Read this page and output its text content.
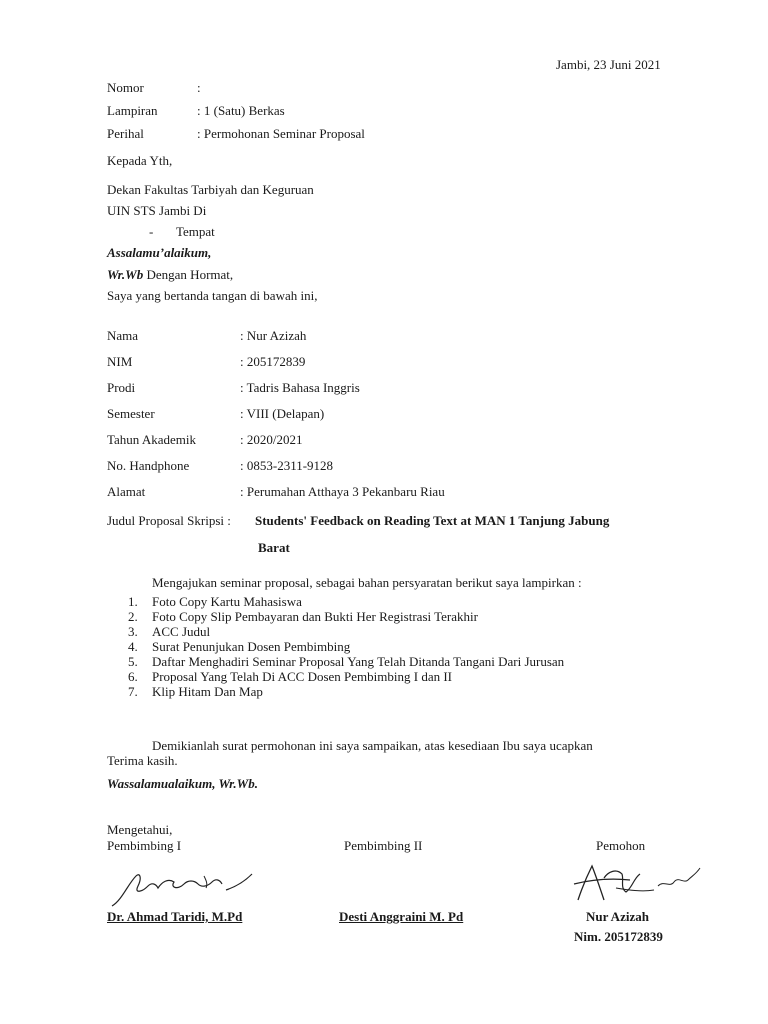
Jambi, 23 Juni 2021
Nomor	:
Lampiran	: 1 (Satu) Berkas
Perihal	: Permohonan Seminar Proposal
Kepada Yth,
Dekan Fakultas Tarbiyah dan Keguruan
UIN STS Jambi Di
- Tempat
Assalamu’alaikum,
Wr.Wb Dengan Hormat,
Saya yang bertanda tangan di bawah ini,
Nama	: Nur Azizah
NIM	: 205172839
Prodi	: Tadris Bahasa Inggris
Semester	: VIII (Delapan)
Tahun Akademik	: 2020/2021
No. Handphone	: 0853-2311-9128
Alamat	: Perumahan Atthaya 3 Pekanbaru Riau
Judul Proposal Skripsi : Students' Feedback on Reading Text at MAN 1 Tanjung Jabung
Barat
Mengajukan seminar proposal, sebagai bahan persyaratan berikut saya lampirkan :
1. Foto Copy Kartu Mahasiswa
2. Foto Copy Slip Pembayaran dan Bukti Her Registrasi Terakhir
3. ACC Judul
4. Surat Penunjukan Dosen Pembimbing
5. Daftar Menghadiri Seminar Proposal Yang Telah Ditanda Tangani Dari Jurusan
6. Proposal Yang Telah Di ACC Dosen Pembimbing I dan II
7. Klip Hitam Dan Map
Demikianlah surat permohonan ini saya sampaikan, atas kesediaan Ibu saya ucapkan
Terima kasih.
Wassalamualaikum, Wr.Wb.
Mengetahui,
Pembimbing I	Pembimbing II	Pemohon
Dr. Ahmad Taridi, M.Pd	Desti Anggraini M. Pd	Nur Azizah
Nim. 205172839
